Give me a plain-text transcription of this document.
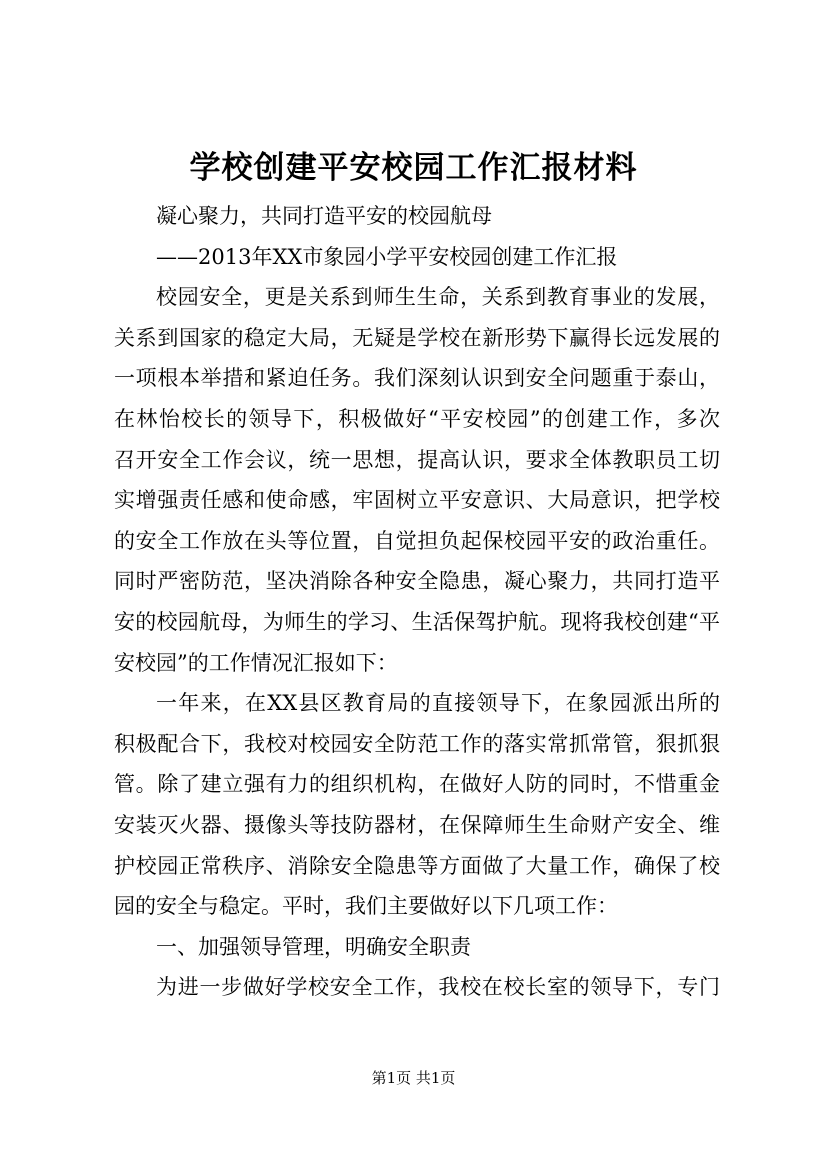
学校创建平安校园工作汇报材料
凝心聚力，共同打造平安的校园航母
——2013年XX市象园小学平安校园创建工作汇报
校园安全，更是关系到师生生命，关系到教育事业的发展，
关系到国家的稳定大局，无疑是学校在新形势下赢得长远发展的
一项根本举措和紧迫任务。我们深刻认识到安全问题重于泰山，
在林怡校长的领导下，积极做好“平安校园”的创建工作，多次
召开安全工作会议，统一思想，提高认识，要求全体教职员工切
实增强责任感和使命感，牢固树立平安意识、大局意识，把学校
的安全工作放在头等位置，自觉担负起保校园平安的政治重任。
同时严密防范，坚决消除各种安全隐患，凝心聚力，共同打造平
安的校园航母，为师生的学习、生活保驾护航。现将我校创建“平
安校园”的工作情况汇报如下：
一年来，在XX县区教育局的直接领导下，在象园派出所的
积极配合下，我校对校园安全防范工作的落实常抓常管，狠抓狠
管。除了建立强有力的组织机构，在做好人防的同时，不惜重金
安装灭火器、摄像头等技防器材，在保障师生生命财产安全、维
护校园正常秩序、消除安全隐患等方面做了大量工作，确保了校
园的安全与稳定。平时，我们主要做好以下几项工作：
一、加强领导管理，明确安全职责
为进一步做好学校安全工作，我校在校长室的领导下，专门
第1页 共1页
